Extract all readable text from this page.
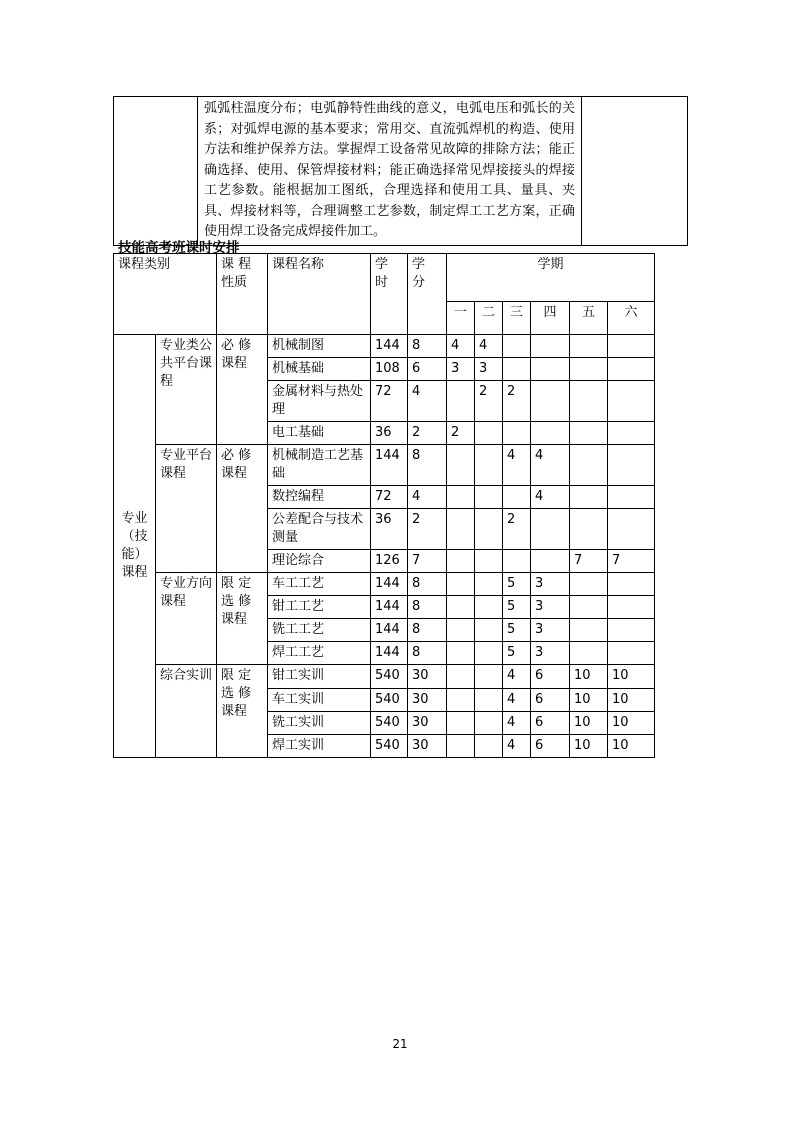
	弧弧柱温度分布；电弧静特性曲线的意义，电弧电压和弧长的关系；对弧焊电源的基本要求；常用交、直流弧焊机的构造、使用方法和维护保养方法。掌握焊工设备常见故障的排除方法；能正确选择、使用、保管焊接材料；能正确选择常见焊接接头的焊接工艺参数。能根据加工图纸，合理选择和使用工具、量具、夹具、焊接材料等，合理调整工艺参数，制定焊工工艺方案，正确使用焊工设备完成焊接件加工。	
技能高考班课时安排
课程类别		课 程 性质	课程名称	学 时	学 分	学期					
						一	二	三	四	五	六
专业（技能）课程	专业类公共平台课程	必 修 课程	机械制图	144	8	4	4				
			机械基础	108	6	3	3				
			金属材料与热处理	72	4		2	2			
			电工基础	36	2	2					
	专业平台课程	必 修 课程	机械制造工艺基础	144	8			4	4		
			数控编程	72	4				4		
			公差配合与技术测量	36	2			2			
			理论综合	126	7					7	7
	专业方向课程	限 定 选 修 课程	车工工艺	144	8			5	3		
			钳工工艺	144	8			5	3		
			铣工工艺	144	8			5	3		
			焊工工艺	144	8			5	3		
	综合实训	限 定 选 修 课程	钳工实训	540	30			4	6	10	10
			车工实训	540	30			4	6	10	10
			铣工实训	540	30			4	6	10	10
			焊工实训	540	30			4	6	10	10
21
